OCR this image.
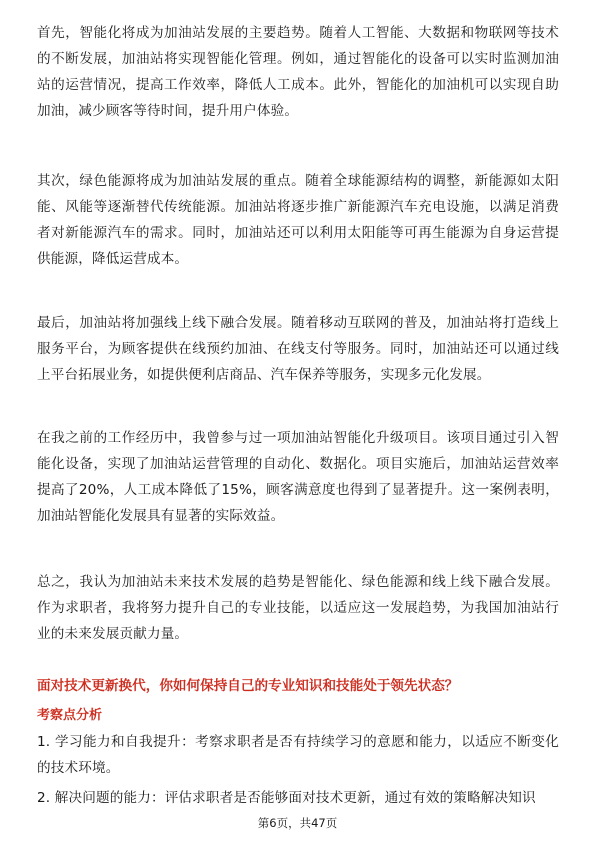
首先，智能化将成为加油站发展的主要趋势。随着人工智能、大数据和物联网等技术的不断发展，加油站将实现智能化管理。例如，通过智能化的设备可以实时监测加油站的运营情况，提高工作效率，降低人工成本。此外，智能化的加油机可以实现自助加油，减少顾客等待时间，提升用户体验。

其次，绿色能源将成为加油站发展的重点。随着全球能源结构的调整，新能源如太阳能、风能等逐渐替代传统能源。加油站将逐步推广新能源汽车充电设施，以满足消费者对新能源汽车的需求。同时，加油站还可以利用太阳能等可再生能源为自身运营提供能源，降低运营成本。

最后，加油站将加强线上线下融合发展。随着移动互联网的普及，加油站将打造线上服务平台，为顾客提供在线预约加油、在线支付等服务。同时，加油站还可以通过线上平台拓展业务，如提供便利店商品、汽车保养等服务，实现多元化发展。

在我之前的工作经历中，我曾参与过一项加油站智能化升级项目。该项目通过引入智能化设备，实现了加油站运营管理的自动化、数据化。项目实施后，加油站运营效率提高了20%，人工成本降低了15%，顾客满意度也得到了显著提升。这一案例表明，加油站智能化发展具有显著的实际效益。

总之，我认为加油站未来技术发展的趋势是智能化、绿色能源和线上线下融合发展。作为求职者，我将努力提升自己的专业技能，以适应这一发展趋势，为我国加油站行业的未来发展贡献力量。

面对技术更新换代，你如何保持自己的专业知识和技能处于领先状态？

考察点分析

1. 学习能力和自我提升：考察求职者是否有持续学习的意愿和能力，以适应不断变化的技术环境。

2. 解决问题的能力：评估求职者是否能够面对技术更新，通过有效的策略解决知识

第6页，共47页
